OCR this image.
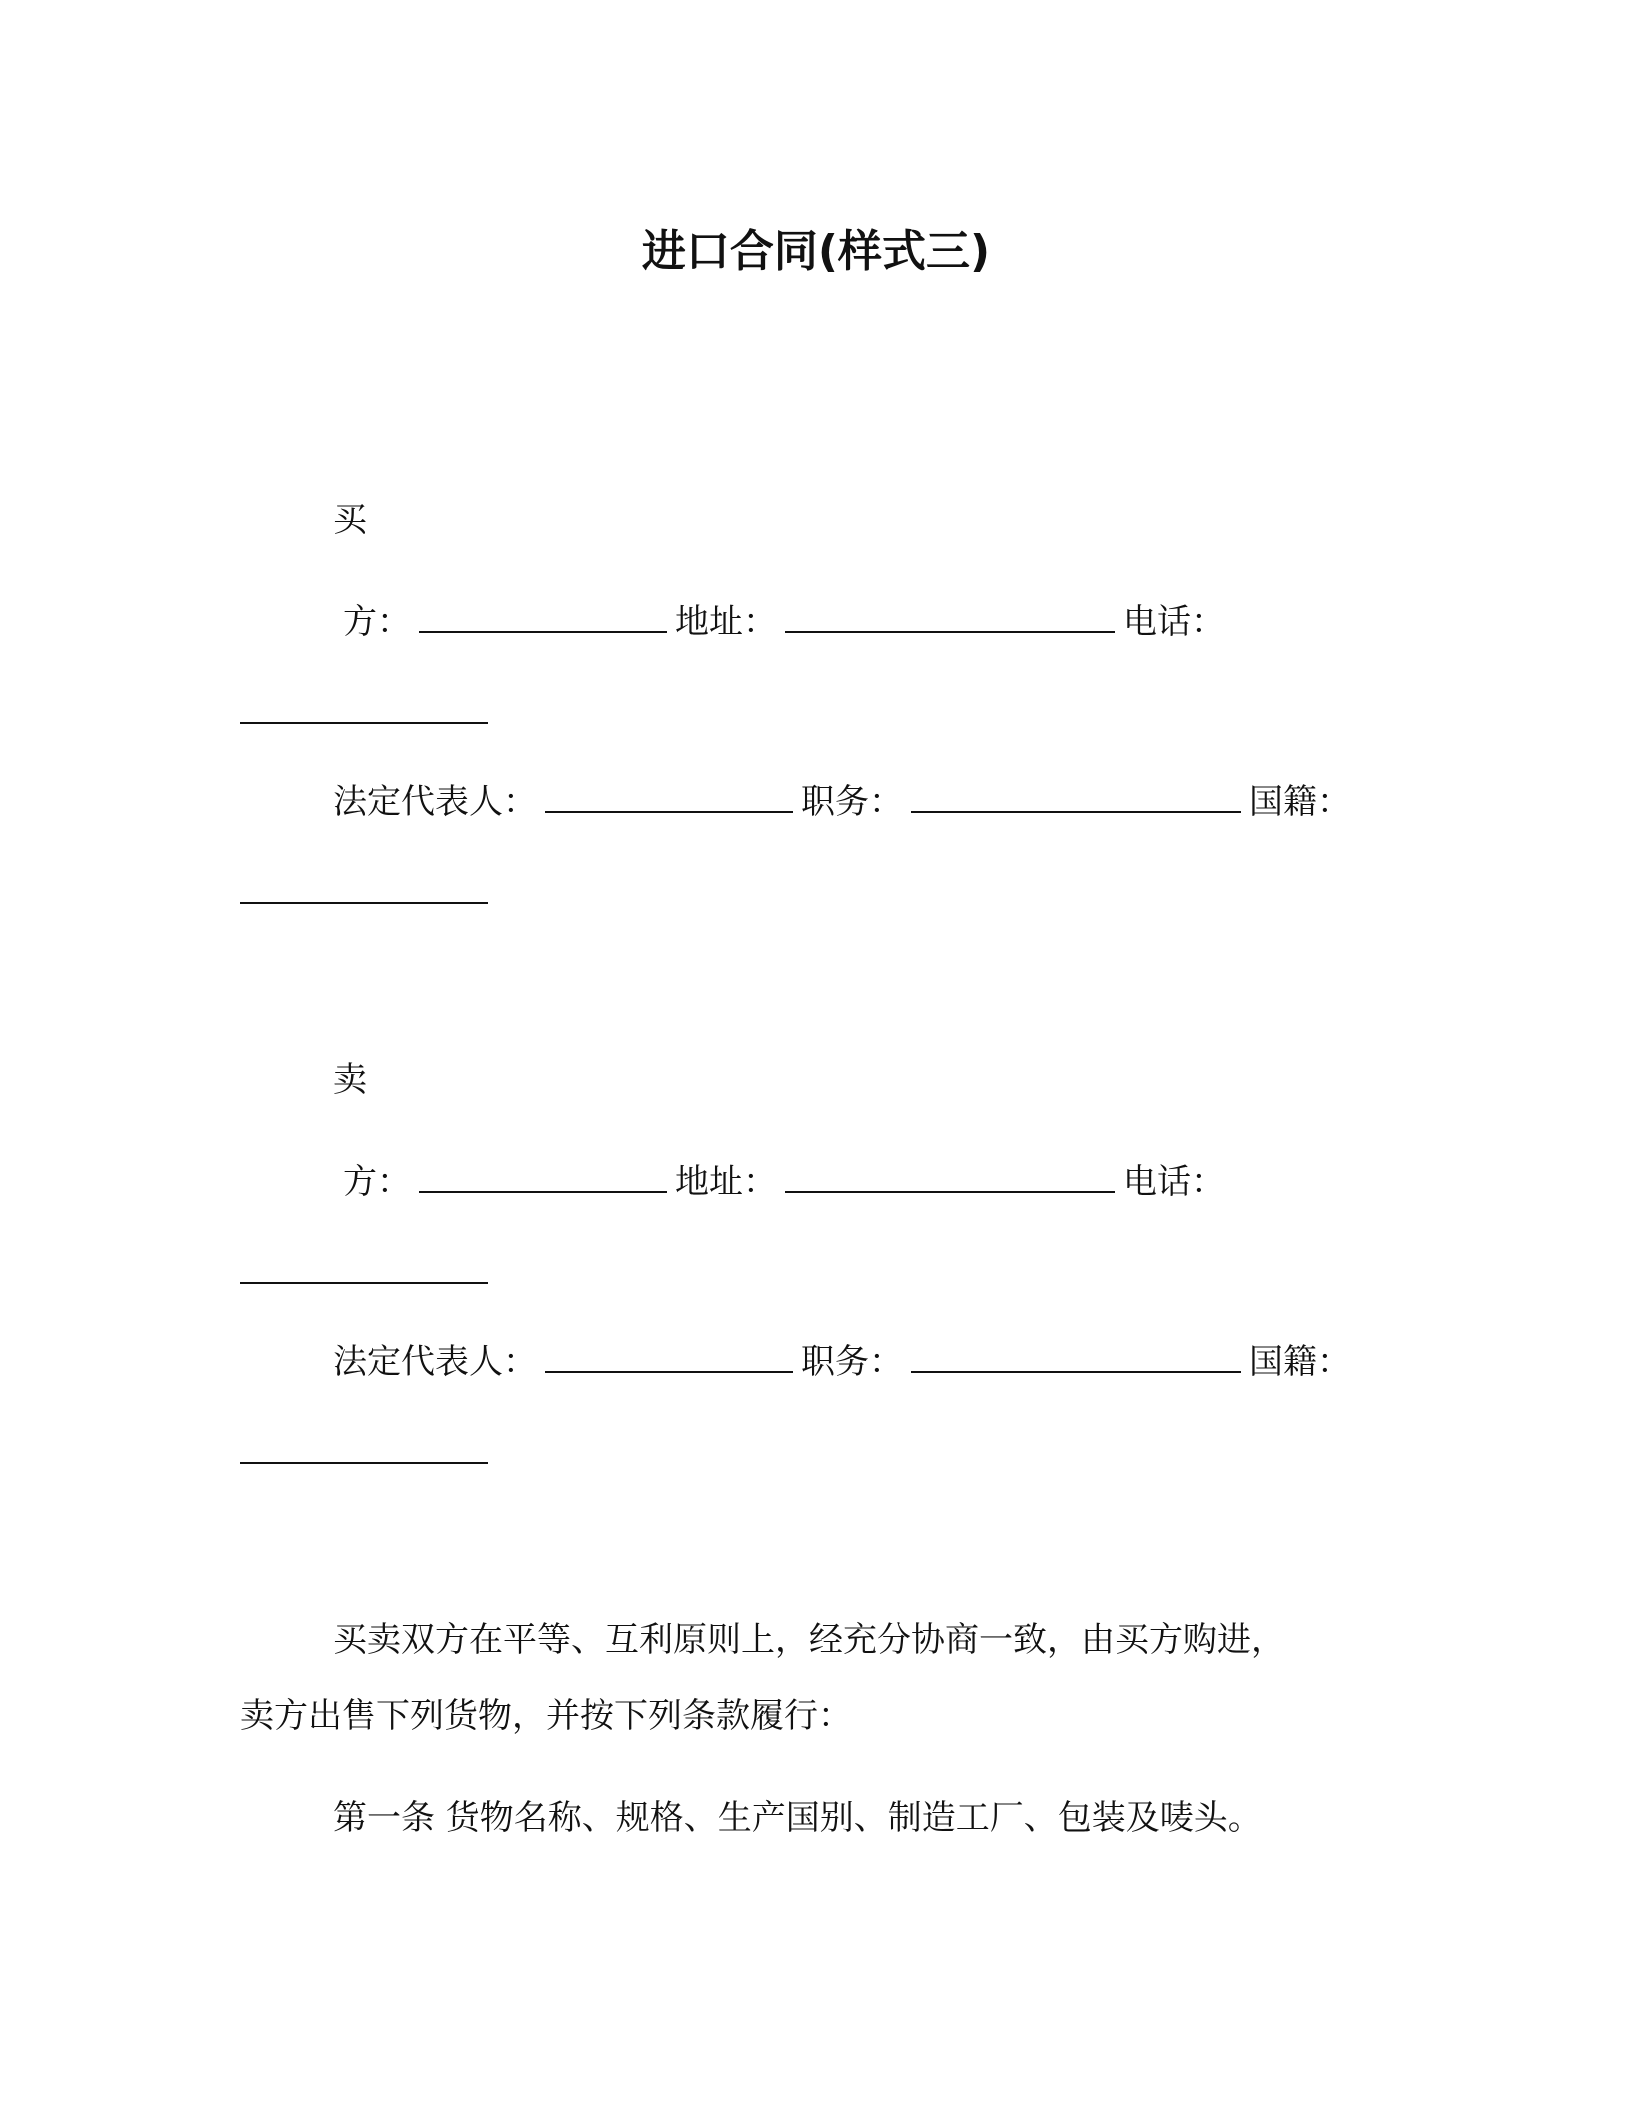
进口合同(样式三)
买
方：	地址：	电话：
法定代表人：	职务：	国籍：
卖
方：	地址：	电话：
法定代表人：	职务：	国籍：
买卖双方在平等、互利原则上，经充分协商一致，由买方购进，
卖方出售下列货物，并按下列条款履行：
第一条 货物名称、规格、生产国别、制造工厂、包装及唛头。
